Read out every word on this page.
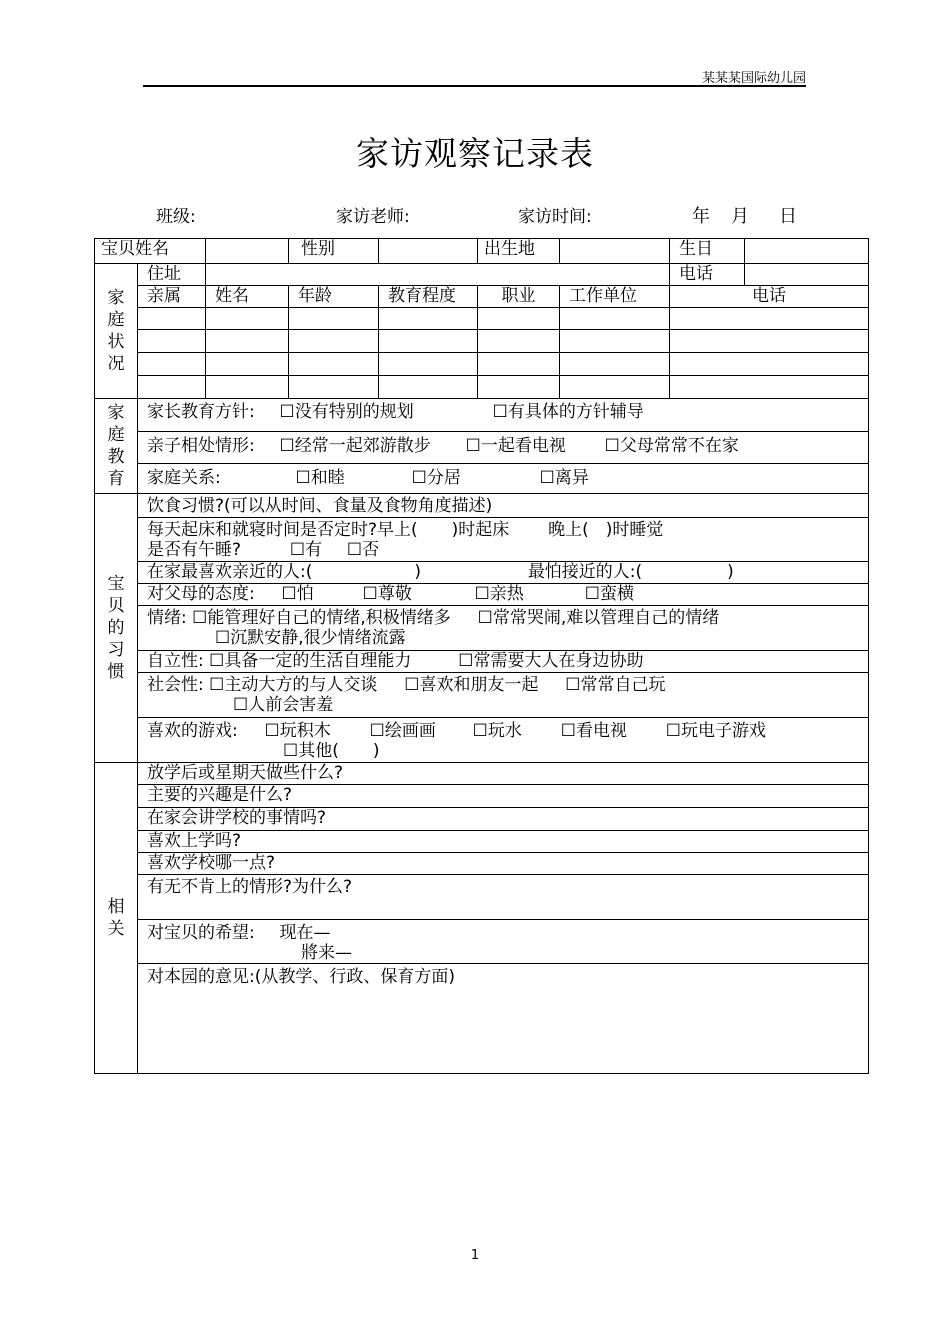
某某某国际幼儿园
家访观察记录表
班级:	家访老师:	家访时间:	年 月 日
宝贝姓名			性别		出生地		生日	
家庭状况	住址						电话	
	亲属	姓名	年龄	教育程度	职业	工作单位	电话	

家庭教育	家长教育方针: ☐没有特别的规划 ☐有具体的方针辅导							
	亲子相处情形: ☐经常一起郊游散步 ☐一起看电视 ☐父母常常不在家							
	家庭关系: ☐和睦 ☐分居 ☐离异							
宝贝的习惯	饮食习惯?(可以从时间、食量及食物角度描述)							

	每天起床和就寝时间是否定时?早上(　　)时起床 晚上(　)时睡觉
是否有午睡? ☐有 ☐否							

	在家最喜欢亲近的人:(　　　　　　) 最怕接近的人:(　　　　　)							
	对父母的态度: ☐怕 ☐尊敬 ☐亲热 ☐蛮横							

	情绪: ☐能管理好自己的情绪,积极情绪多 ☐常常哭闹,难以管理自己的情绪
☐沉默安静,很少情绪流露							

	自立性: ☐具备一定的生活自理能力 ☐常需要大人在身边协助							

	社会性: ☐主动大方的与人交谈 ☐喜欢和朋友一起 ☐常常自己玩
☐人前会害羞							

	喜欢的游戏: ☐玩积木 ☐绘画画 ☐玩水 ☐看电视 ☐玩电子游戏
☐其他(　　)							

相关	放学后或星期天做些什么?							
	主要的兴趣是什么?							
	在家会讲学校的事情吗?							
	喜欢上学吗?							
	喜欢学校哪一点?							
	有无不肯上的情形?为什么?							

	对宝贝的希望: 现在—
將来—							

	对本园的意见:(从教学、行政、保育方面)							
1
